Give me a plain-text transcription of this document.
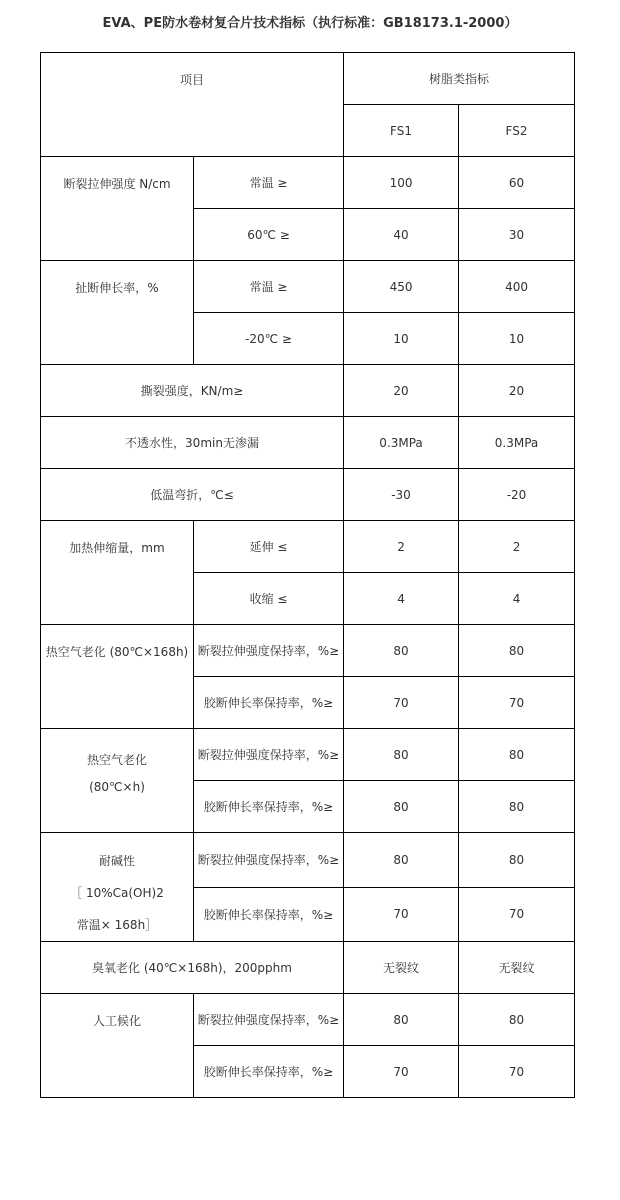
EVA、PE防水卷材复合片技术指标（执行标准：GB18173.1-2000）
项目		树脂类指标	
		FS1	FS2
断裂拉伸强度 N/cm	常温 ≥	100	60
	60℃ ≥	40	30
扯断伸长率，%	常温 ≥	450	400
	-20℃ ≥	10	10
撕裂强度，KN/m≥		20	20
不透水性，30min无渗漏		0.3MPa	0.3MPa
低温弯折，℃≤		-30	-20
加热伸缩量，mm	延伸 ≤	2	2
	收缩 ≤	4	4
热空气老化 (80℃×168h)	断裂拉伸强度保持率，%≥	80	80
	胶断伸长率保持率，%≥	70	70

热空气老化
(80℃×h)	断裂拉伸强度保持率，%≥	80	80
	胶断伸长率保持率，%≥	80	80

耐碱性
［ 10%Ca(OH)2
常温× 168h］	断裂拉伸强度保持率，%≥	80	80
	胶断伸长率保持率，%≥	70	70
臭氧老化 (40℃×168h)，200pphm		无裂纹	无裂纹
人工候化	断裂拉伸强度保持率，%≥	80	80
	胶断伸长率保持率，%≥	70	70
